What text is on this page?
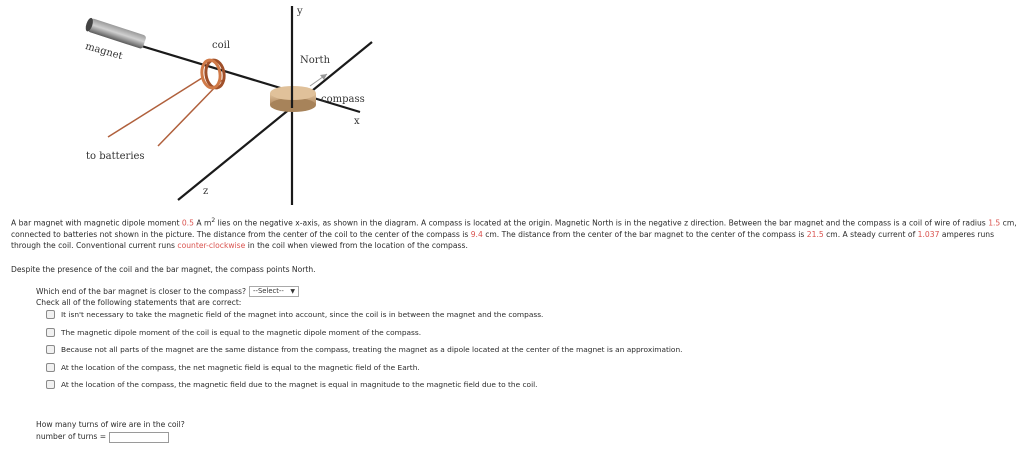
magnet	coil
North
compass
to batteries
y
x
z

A bar magnet with magnetic dipole moment 0.5 A $m^2$ lies on the negative x-axis, as shown in the diagram. A compass is located at the origin. Magnetic North is in the negative z direction. Between the bar magnet and the compass is a coil of wire of radius 1.5 cm, connected to batteries not shown in the picture. The distance from the center of the coil to the center of the compass is 9.4 cm. The distance from the center of the bar magnet to the center of the compass is 21.5 cm. A steady current of 1.037 amperes runs through the coil. Conventional current runs counter-clockwise in the coil when viewed from the location of the compass.

Despite the presence of the coil and the bar magnet, the compass points North.
Which end of the bar magnet is closer to the compass? --Select-- ▼
Check all of the following statements that are correct:
It isn't necessary to take the magnetic field of the magnet into account, since the coil is in between the magnet and the compass.
The magnetic dipole moment of the coil is equal to the magnetic dipole moment of the compass.
Because not all parts of the magnet are the same distance from the compass, treating the magnet as a dipole located at the center of the magnet is an approximation.
At the location of the compass, the net magnetic field is equal to the magnetic field of the Earth.
At the location of the compass, the magnetic field due to the magnet is equal in magnitude to the magnetic field due to the coil.
How many turns of wire are in the coil?
number of turns =
